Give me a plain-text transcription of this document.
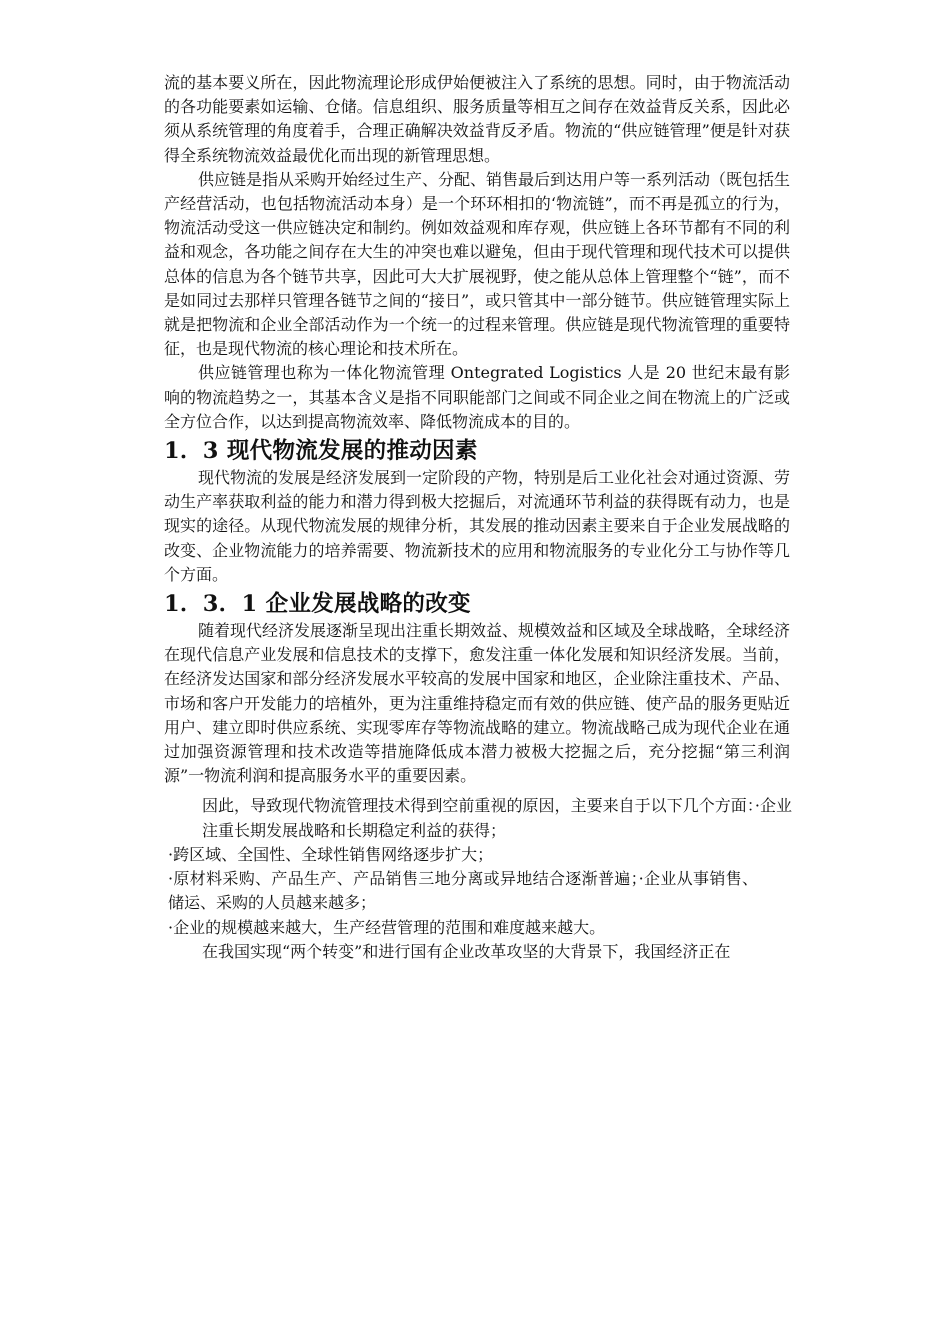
流的基本要义所在，因此物流理论形成伊始便被注入了系统的思想。同时，由于物流活动的各功能要素如运输、仓储。信息组织、服务质量等相互之间存在效益背反关系，因此必须从系统管理的角度着手，合理正确解决效益背反矛盾。物流的“供应链管理”便是针对获得全系统物流效益最优化而出现的新管理思想。

供应链是指从采购开始经过生产、分配、销售最后到达用户等一系列活动（既包括生产经营活动，也包括物流活动本身）是一个环环相扣的‘物流链”，而不再是孤立的行为，物流活动受这一供应链决定和制约。例如效益观和库存观，供应链上各环节都有不同的利益和观念，各功能之间存在大生的冲突也难以避兔，但由于现代管理和现代技术可以提供总体的信息为各个链节共享，因此可大大扩展视野，使之能从总体上管理整个“链”，而不是如同过去那样只管理各链节之间的“接日”，或只管其中一部分链节。供应链管理实际上就是把物流和企业全部活动作为一个统一的过程来管理。供应链是现代物流管理的重要特征，也是现代物流的核心理论和技术所在。

供应链管理也称为一体化物流管理 Ontegrated Logistics 人是 20 世纪末最有影响的物流趋势之一，其基本含义是指不同职能部门之间或不同企业之间在物流上的广泛或全方位合作，以达到提高物流效率、降低物流成本的目的。

1．3 现代物流发展的推动因素

现代物流的发展是经济发展到一定阶段的产物，特别是后工业化社会对通过资源、劳动生产率获取利益的能力和潜力得到极大挖掘后，对流通环节利益的获得既有动力，也是现实的途径。从现代物流发展的规律分析，其发展的推动因素主要来自于企业发展战略的改变、企业物流能力的培养需要、物流新技术的应用和物流服务的专业化分工与协作等几个方面。

1．3．1 企业发展战略的改变

随着现代经济发展逐渐呈现出注重长期效益、规模效益和区域及全球战略，全球经济在现代信息产业发展和信息技术的支撑下，愈发注重一体化发展和知识经济发展。当前，在经济发达国家和部分经济发展水平较高的发展中国家和地区，企业除注重技术、产品、市场和客户开发能力的培植外，更为注重维持稳定而有效的供应链、使产品的服务更贴近用户、建立即时供应系统、实现零库存等物流战略的建立。物流战略己成为现代企业在通过加强资源管理和技术改造等措施降低成本潜力被极大挖掘之后，充分挖掘“第三利润源”一物流利润和提高服务水平的重要因素。

因此，导致现代物流管理技术得到空前重视的原因，主要来自于以下几个方面：·企业注重长期发展战略和长期稳定利益的获得；

·跨区域、全国性、全球性销售网络逐步扩大；

·原材料采购、产品生产、产品销售三地分离或异地结合逐渐普遍；·企业从事销售、储运、采购的人员越来越多；

·企业的规模越来越大，生产经营管理的范围和难度越来越大。

在我国实现“两个转变”和进行国有企业改革攻坚的大背景下，我国经济正在
